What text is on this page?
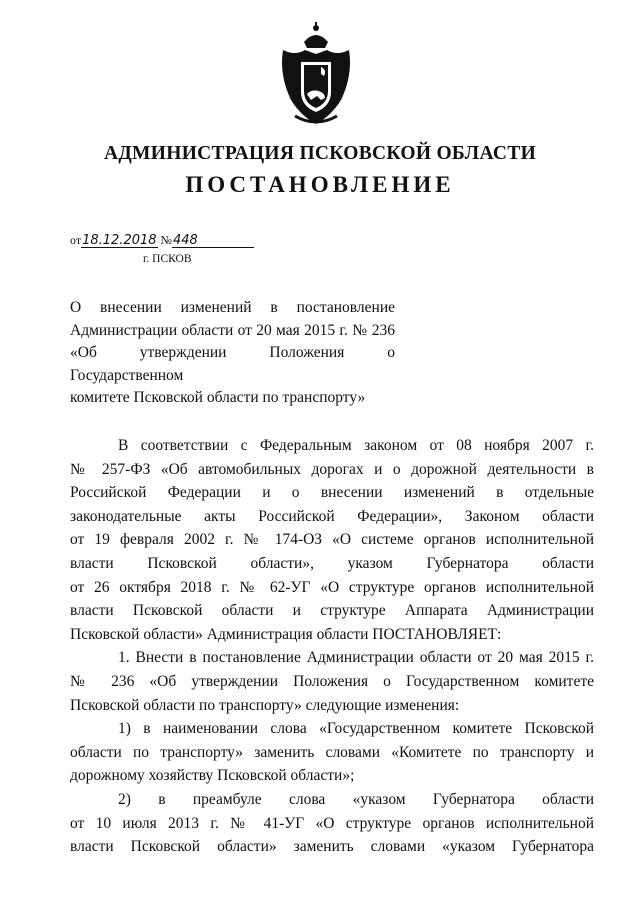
АДМИНИСТРАЦИЯ ПСКОВСКОЙ ОБЛАСТИ
ПОСТАНОВЛЕНИЕ
от18.12.2018 №448
г. ПСКОВ
О внесении изменений в постановление
Администрации области от 20 мая 2015 г. № 236
«Об утверждении Положения о Государственном
комитете Псковской области по транспорту»
В соответствии с Федеральным законом от 08 ноября 2007 г.
№ 257-ФЗ «Об автомобильных дорогах и о дорожной деятельности в
Российской Федерации и о внесении изменений в отдельные
законодательные акты Российской Федерации», Законом области
от 19 февраля 2002 г. № 174-ОЗ «О системе органов исполнительной
власти Псковской области», указом Губернатора области
от 26 октября 2018 г. № 62-УГ «О структуре органов исполнительной
власти Псковской области и структуре Аппарата Администрации
Псковской области» Администрация области ПОСТАНОВЛЯЕТ:
1. Внести в постановление Администрации области от 20 мая 2015 г.
№ 236 «Об утверждении Положения о Государственном комитете
Псковской области по транспорту» следующие изменения:
1) в наименовании слова «Государственном комитете Псковской
области по транспорту» заменить словами «Комитете по транспорту и
дорожному хозяйству Псковской области»;
2) в преамбуле слова «указом Губернатора области
от 10 июля 2013 г. № 41-УГ «О структуре органов исполнительной
власти Псковской области» заменить словами «указом Губернатора
